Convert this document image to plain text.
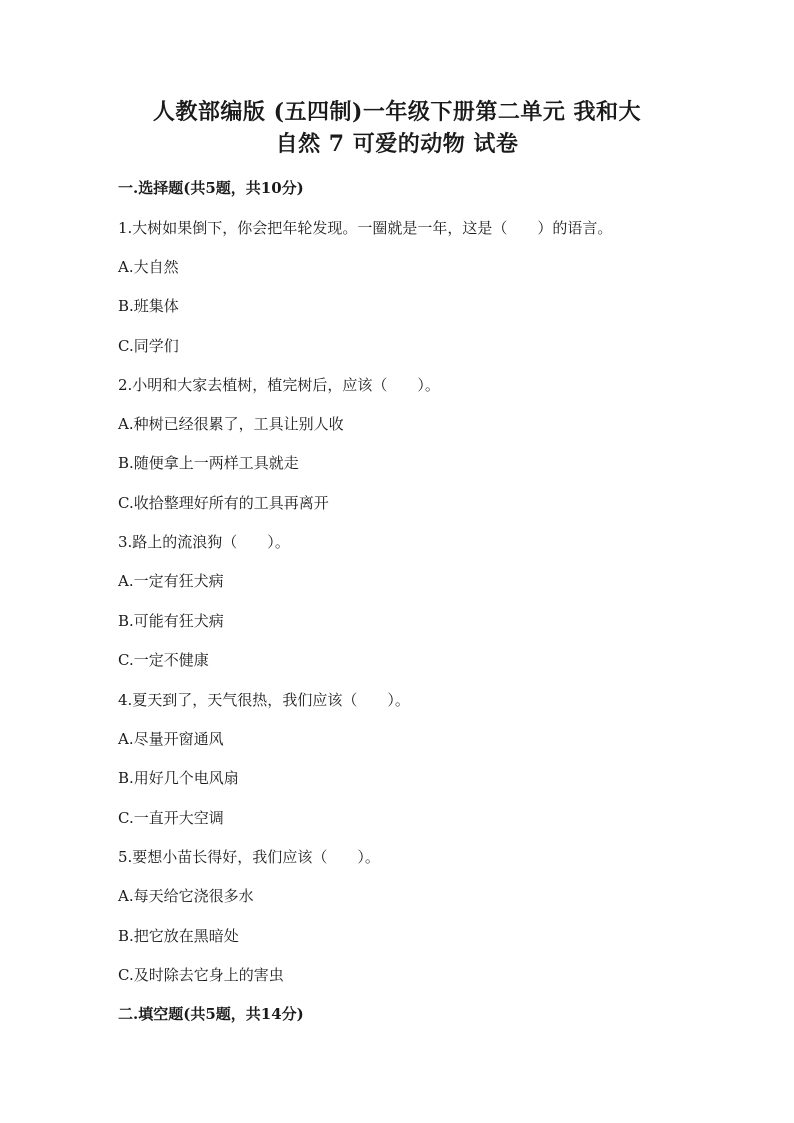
人教部编版 (五四制)一年级下册第二单元 我和大
自然 7 可爱的动物 试卷
一.选择题(共5题，共10分)
1.大树如果倒下，你会把年轮发现。一圈就是一年，这是（　　）的语言。
A.大自然
B.班集体
C.同学们
2.小明和大家去植树，植完树后，应该（　　）。
A.种树已经很累了，工具让别人收
B.随便拿上一两样工具就走
C.收拾整理好所有的工具再离开
3.路上的流浪狗（　　）。
A.一定有狂犬病
B.可能有狂犬病
C.一定不健康
4.夏天到了，天气很热，我们应该（　　）。
A.尽量开窗通风
B.用好几个电风扇
C.一直开大空调
5.要想小苗长得好，我们应该（　　）。
A.每天给它浇很多水
B.把它放在黑暗处
C.及时除去它身上的害虫
二.填空题(共5题，共14分)
